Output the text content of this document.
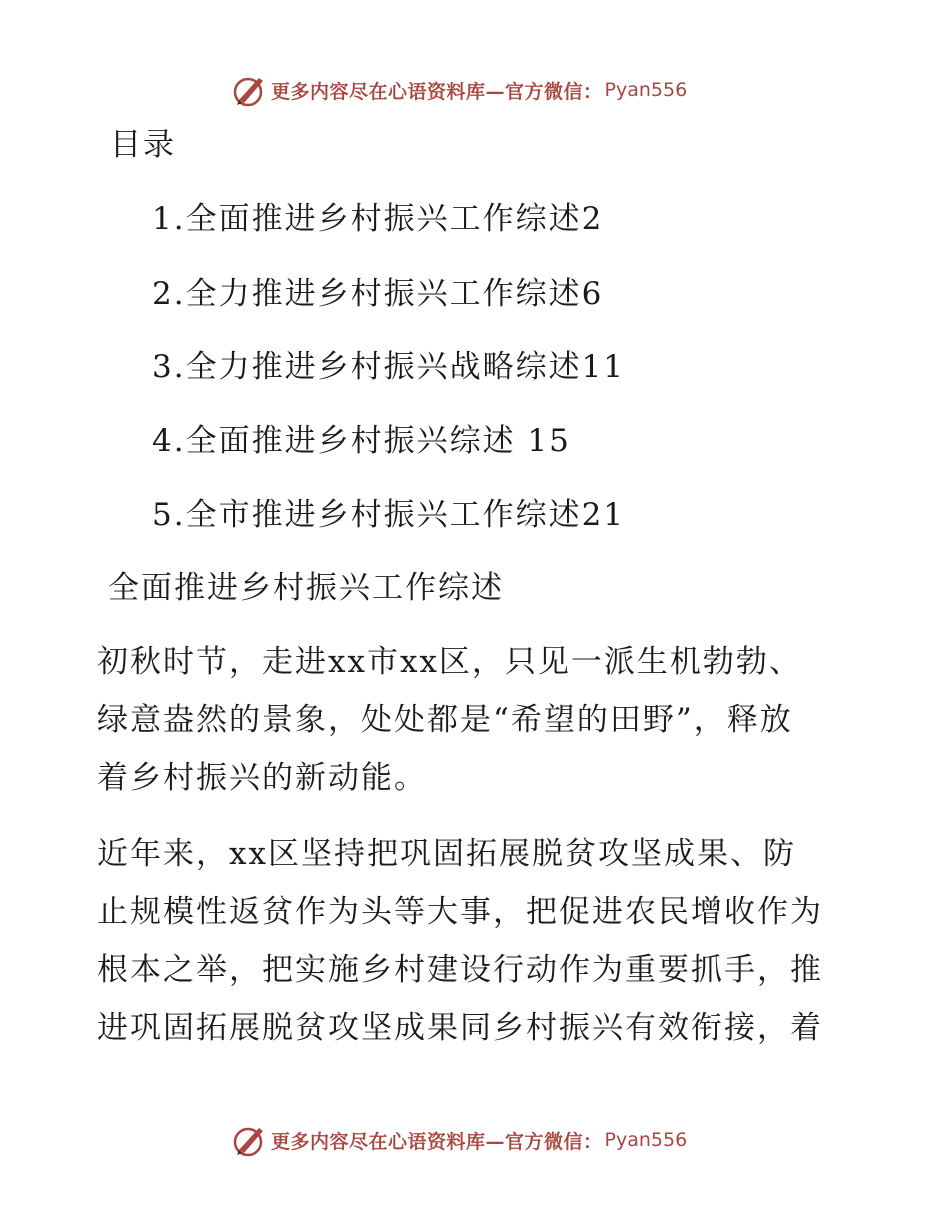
更多内容尽在心语资料库—官方微信： Pyan556
目录
1.全面推进乡村振兴工作综述2
2.全力推进乡村振兴工作综述6
3.全力推进乡村振兴战略综述11
4.全面推进乡村振兴综述 15
5.全市推进乡村振兴工作综述21
全面推进乡村振兴工作综述
初秋时节，走进xx市xx区，只见一派生机勃勃、
绿意盎然的景象，处处都是“希望的田野”，释放
着乡村振兴的新动能。
近年来，xx区坚持把巩固拓展脱贫攻坚成果、防
止规模性返贫作为头等大事，把促进农民增收作为
根本之举，把实施乡村建设行动作为重要抓手，推
进巩固拓展脱贫攻坚成果同乡村振兴有效衔接，着
更多内容尽在心语资料库—官方微信： Pyan556
